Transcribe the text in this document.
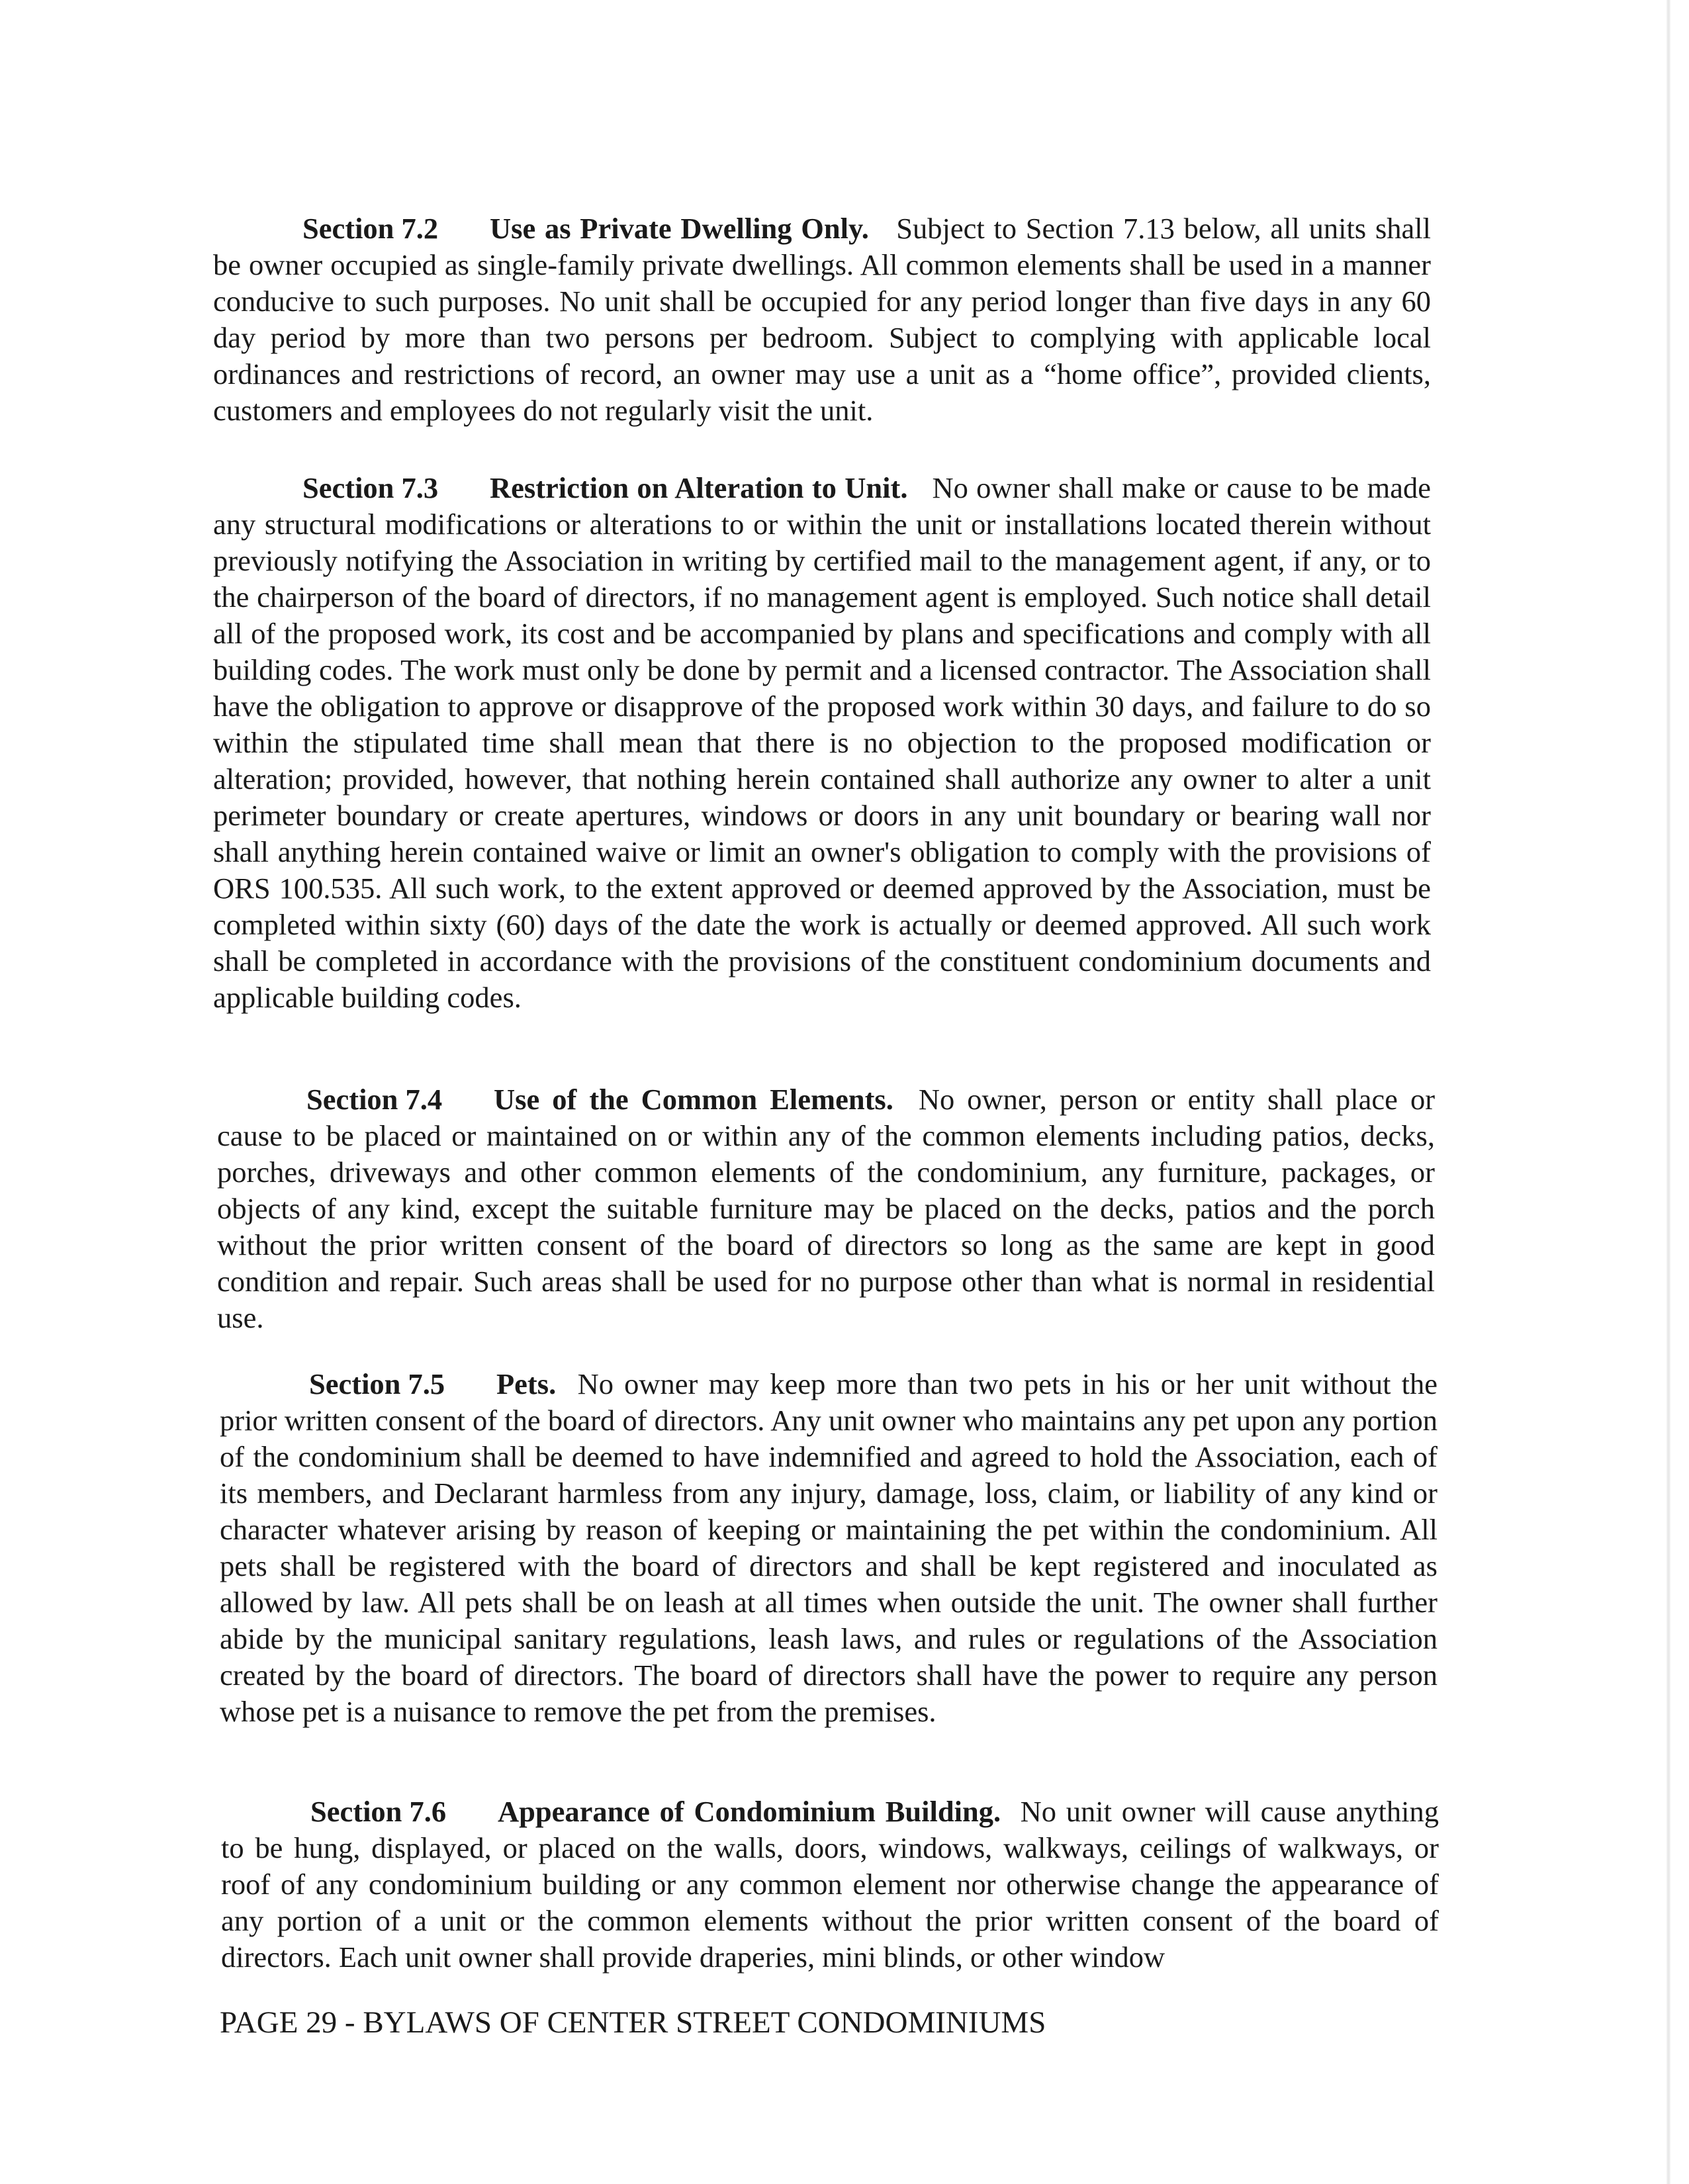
Section 7.2 Use as Private Dwelling Only. Subject to Section 7.13 below, all units shall be owner occupied as single-family private dwellings. All common elements shall be used in a manner conducive to such purposes. No unit shall be occupied for any period longer than five days in any 60 day period by more than two persons per bedroom. Subject to complying with applicable local ordinances and restrictions of record, an owner may use a unit as a “home office”, provided clients, customers and employees do not regularly visit the unit.

Section 7.3 Restriction on Alteration to Unit. No owner shall make or cause to be made any structural modifications or alterations to or within the unit or installations located therein without previously notifying the Association in writing by certified mail to the management agent, if any, or to the chairperson of the board of directors, if no management agent is employed. Such notice shall detail all of the proposed work, its cost and be accompanied by plans and specifications and comply with all building codes. The work must only be done by permit and a licensed contractor. The Association shall have the obligation to approve or disapprove of the proposed work within 30 days, and failure to do so within the stipulated time shall mean that there is no objection to the proposed modification or alteration; provided, however, that nothing herein contained shall authorize any owner to alter a unit perimeter boundary or create apertures, windows or doors in any unit boundary or bearing wall nor shall anything herein contained waive or limit an owner's obligation to comply with the provisions of ORS 100.535. All such work, to the extent approved or deemed approved by the Association, must be completed within sixty (60) days of the date the work is actually or deemed approved. All such work shall be completed in accordance with the provisions of the constituent condominium documents and applicable building codes.

Section 7.4 Use of the Common Elements. No owner, person or entity shall place or cause to be placed or maintained on or within any of the common elements including patios, decks, porches, driveways and other common elements of the condominium, any furniture, packages, or objects of any kind, except the suitable furniture may be placed on the decks, patios and the porch without the prior written consent of the board of directors so long as the same are kept in good condition and repair. Such areas shall be used for no purpose other than what is normal in residential use.

Section 7.5 Pets. No owner may keep more than two pets in his or her unit without the prior written consent of the board of directors. Any unit owner who maintains any pet upon any portion of the condominium shall be deemed to have indemnified and agreed to hold the Association, each of its members, and Declarant harmless from any injury, damage, loss, claim, or liability of any kind or character whatever arising by reason of keeping or maintaining the pet within the condominium. All pets shall be registered with the board of directors and shall be kept registered and inoculated as allowed by law. All pets shall be on leash at all times when outside the unit. The owner shall further abide by the municipal sanitary regulations, leash laws, and rules or regulations of the Association created by the board of directors. The board of directors shall have the power to require any person whose pet is a nuisance to remove the pet from the premises.

Section 7.6 Appearance of Condominium Building. No unit owner will cause anything to be hung, displayed, or placed on the walls, doors, windows, walkways, ceilings of walkways, or roof of any condominium building or any common element nor otherwise change the appearance of any portion of a unit or the common elements without the prior written consent of the board of directors. Each unit owner shall provide draperies, mini blinds, or other window

PAGE 29 - BYLAWS OF CENTER STREET CONDOMINIUMS
